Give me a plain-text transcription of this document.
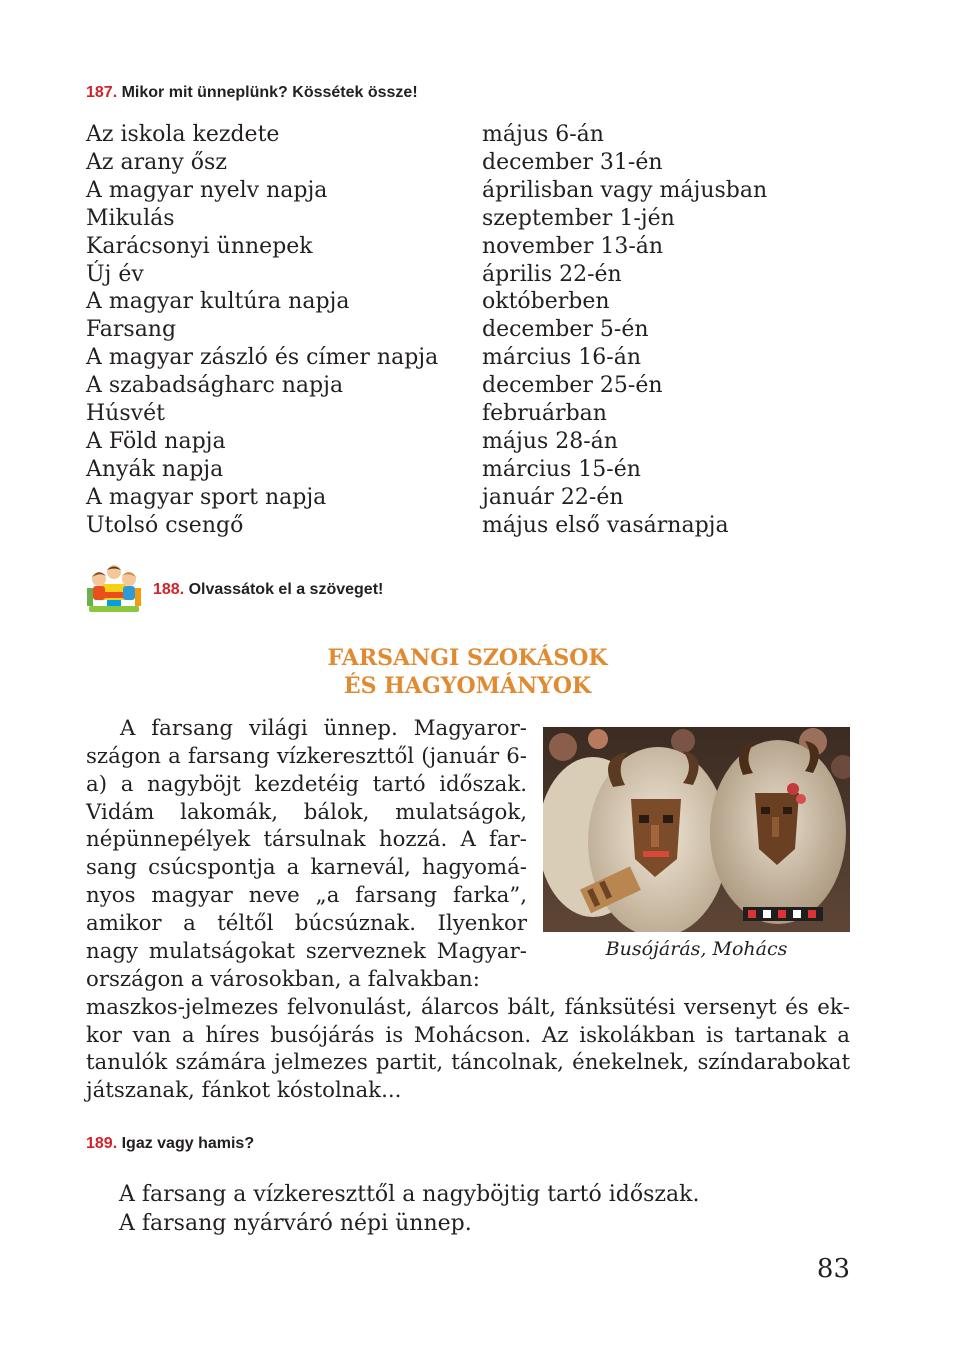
187. Mikor mit ünneplünk? Kössétek össze!
Az iskola kezdete
Az arany ősz
A magyar nyelv napja
Mikulás
Karácsonyi ünnepek
Új év
A magyar kultúra napja
Farsang
A magyar zászló és címer napja
A szabadságharc napja
Húsvét
A Föld napja
Anyák napja
A magyar sport napja
Utolsó csengő
május 6-án
december 31-én
áprilisban vagy májusban
szeptember 1-jén
november 13-án
április 22-én
októberben
december 5-én
március 16-án
december 25-én
februárban
május 28-án
március 15-én
január 22-én
május első vasárnapja
188. Olvassátok el a szöveget!
FARSANGI SZOKÁSOK
ÉS HAGYOMÁNYOK

A farsang világi ünnep. Magyarországon a farsang vízkereszttől (január 6-a) a nagyböjt kezdetéig tartó időszak. Vidám lakomák, bálok, mulatságok, népünnepélyek társulnak hozzá. A farsang csúcspontja a karnevál, hagyományos magyar neve „a farsang farka”, amikor a téltől búcsúznak. Ilyenkor nagy mulatságokat szerveznek Magyarországon a városokban, a falvakban:

Busójárás, Mohács

maszkos-jelmezes felvonulást, álarcos bált, fánksütési versenyt és ekkor van a híres busójárás is Mohácson. Az iskolákban is tartanak a tanulók számára jelmezes partit, táncolnak, énekelnek, színdarabokat játszanak, fánkot kóstolnak...

189. Igaz vagy hamis?
A farsang a vízkereszttől a nagyböjtig tartó időszak.
A farsang nyárváró népi ünnep.
83
